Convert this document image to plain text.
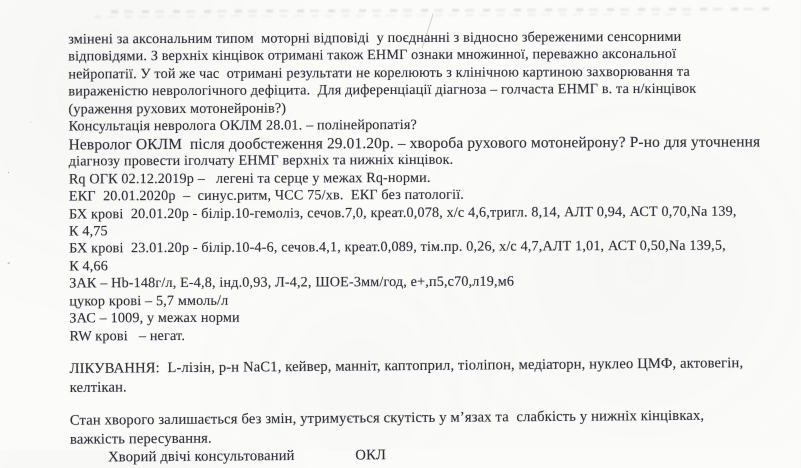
·
,
·
змінені за аксональним типом  моторні відповіді  у поєднанні з відносно збереженими сенсорними
відповідями. З верхніх кінцівок отримані також ЕНМГ ознаки множинної, переважно аксональної
нейропатії. У той же час  отримані результати не корелюють з клінічною картиною захворювання та
вираженістю неврологічного дефіцита.  Для диференціації діагноза – голчаста ЕНМГ в. та н/кінцівок
(ураження рухових мотонейронів?)
Консультація невролога ОКЛМ 28.01. – полінейропатія?
Невролог ОКЛМ  після дообстеження 29.01.20р. – хвороба рухового мотонейрону? Р-но для уточнення
діагнозу провести іголчату ЕНМГ верхніх та нижніх кінцівок.
Rq ОГК 02.12.2019р –   легені та серце у межах Rq-норми.
ЕКГ  20.01.2020р  –  синус.ритм, ЧСС 75/хв.  ЕКГ без патології.
БХ крові  20.01.20р - білір.10-гемоліз, сечов.7,0, креат.0,078, х/с 4,6,тригл. 8,14, АЛТ 0,94, АСТ 0,70,Na 139,
К 4,75
БХ крові  23.01.20р - білір.10-4-6, сечов.4,1, креат.0,089, тім.пр. 0,26, х/с 4,7,АЛТ 1,01, АСТ 0,50,Na 139,5,
К 4,66
ЗАК – Hb-148г/л, Е-4,8, інд.0,93, Л-4,2, ШОЕ-3мм/год, е+,п5,с70,л19,м6
цукор крові – 5,7 ммоль/л
ЗАС – 1009, у межах норми
RW крові   – негат.
ЛІКУВАННЯ:  L-лізін, р-н NaC1, кейвер, манніт, каптоприл, тіоліпон, медіаторн, нуклео ЦМФ, актовегін,
келтікан.
Стан хворого залишається без змін, утримується скутість у м’язах та  слабкість у нижніх кінцівках,
важкість пересування.
Хворий двічі консультований                ОКЛ
